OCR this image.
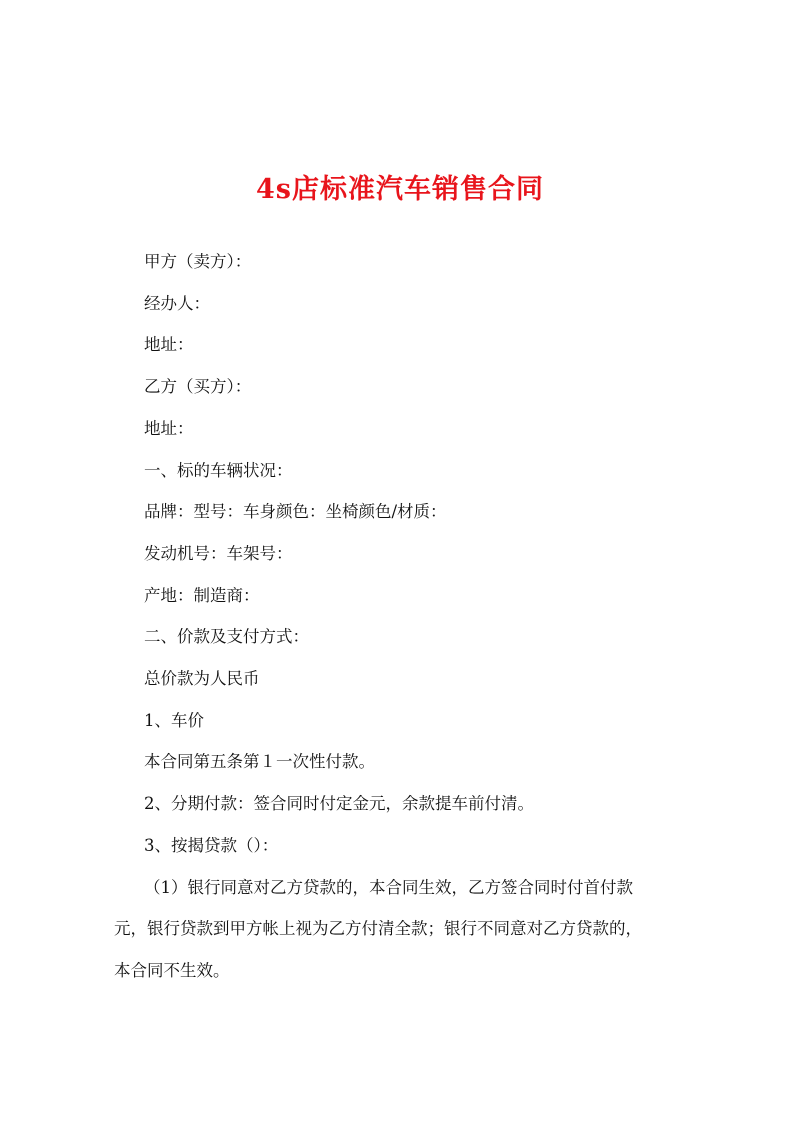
4s店标准汽车销售合同

甲方（卖方）：

经办人：

地址：

乙方（买方）：

地址：

一、标的车辆状况：

品牌：型号：车身颜色：坐椅颜色/材质：

发动机号：车架号：

产地：制造商：

二、价款及支付方式：

总价款为人民币

1、车价

本合同第五条第１一次性付款。

2、分期付款：签合同时付定金元，余款提车前付清。

3、按揭贷款（）：

（1）银行同意对乙方贷款的，本合同生效，乙方签合同时付首付款

元，银行贷款到甲方帐上视为乙方付清全款；银行不同意对乙方贷款的，

本合同不生效。
